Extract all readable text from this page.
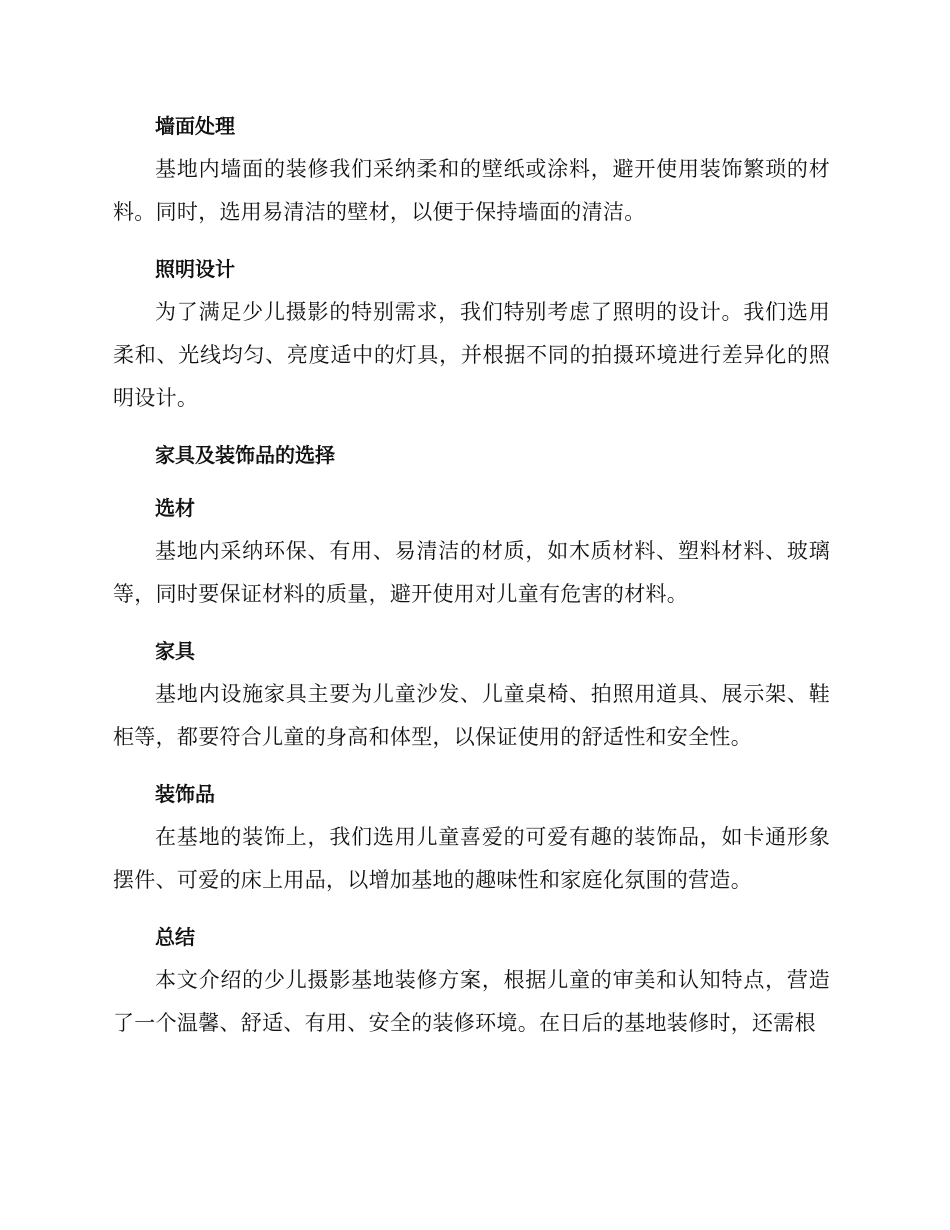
墙面处理

基地内墙面的装修我们采纳柔和的壁纸或涂料，避开使用装饰繁琐的材料。同时，选用易清洁的壁材，以便于保持墙面的清洁。

照明设计

为了满足少儿摄影的特别需求，我们特别考虑了照明的设计。我们选用柔和、光线均匀、亮度适中的灯具，并根据不同的拍摄环境进行差异化的照明设计。

家具及装饰品的选择
选材

基地内采纳环保、有用、易清洁的材质，如木质材料、塑料材料、玻璃等，同时要保证材料的质量，避开使用对儿童有危害的材料。

家具

基地内设施家具主要为儿童沙发、儿童桌椅、拍照用道具、展示架、鞋柜等，都要符合儿童的身高和体型，以保证使用的舒适性和安全性。

装饰品

在基地的装饰上，我们选用儿童喜爱的可爱有趣的装饰品，如卡通形象摆件、可爱的床上用品，以增加基地的趣味性和家庭化氛围的营造。

总结

本文介绍的少儿摄影基地装修方案，根据儿童的审美和认知特点，营造了一个温馨、舒适、有用、安全的装修环境。在日后的基地装修时，还需根
